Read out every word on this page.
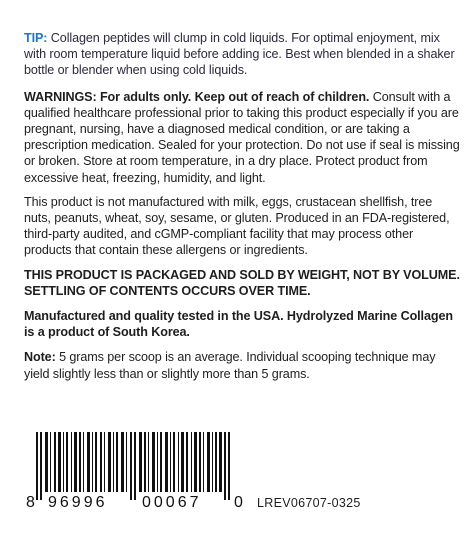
TIP: Collagen peptides will clump in cold liquids. For optimal enjoyment, mix with room temperature liquid before adding ice. Best when blended in a shaker bottle or blender when using cold liquids.

WARNINGS: For adults only. Keep out of reach of children. Consult with a qualified healthcare professional prior to taking this product especially if you are pregnant, nursing, have a diagnosed medical condition, or are taking a prescription medication. Sealed for your protection. Do not use if seal is missing or broken. Store at room temperature, in a dry place. Protect product from excessive heat, freezing, humidity, and light.

This product is not manufactured with milk, eggs, crustacean shellfish, tree nuts, peanuts, wheat, soy, sesame, or gluten. Produced in an FDA-registered, third-party audited, and cGMP-compliant facility that may process other products that contain these allergens or ingredients.

THIS PRODUCT IS PACKAGED AND SOLD BY WEIGHT, NOT BY VOLUME. SETTLING OF CONTENTS OCCURS OVER TIME.

Manufactured and quality tested in the USA. Hydrolyzed Marine Collagen is a product of South Korea.

Note: 5 grams per scoop is an average. Individual scooping technique may yield slightly less than or slightly more than 5 grams.

8 96996 00067 0 LREV06707-0325
